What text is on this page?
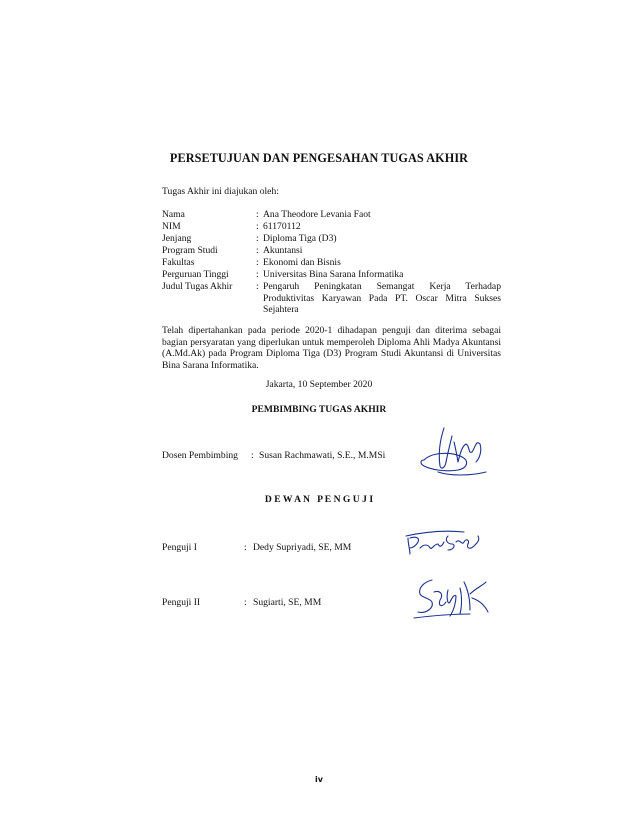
PERSETUJUAN DAN PENGESAHAN TUGAS AKHIR
Tugas Akhir ini diajukan oleh:
Nama	: Ana Theodore Levania Faot
NIM	: 61170112
Jenjang	: Diploma Tiga (D3)
Program Studi	: Akuntansi
Fakultas	: Ekonomi dan Bisnis
Perguruan Tinggi	: Universitas Bina Sarana Informatika
Judul Tugas Akhir : Pengaruh Peningkatan Semangat Kerja Terhadap Produktivitas Karyawan Pada PT. Oscar Mitra Sukses Sejahtera
Telah dipertahankan pada periode 2020-1 dihadapan penguji dan diterima sebagai bagian persyaratan yang diperlukan untuk memperoleh Diploma Ahli Madya Akuntansi (A.Md.Ak) pada Program Diploma Tiga (D3) Program Studi Akuntansi di Universitas Bina Sarana Informatika.
Jakarta, 10 September 2020
PEMBIMBING TUGAS AKHIR
Dosen Pembimbing : Susan Rachmawati, S.E., M.MSi
D E W A N   P E N G U J I
Penguji I	: Dedy Supriyadi, SE, MM
Penguji II	: Sugiarti, SE, MM
iv
